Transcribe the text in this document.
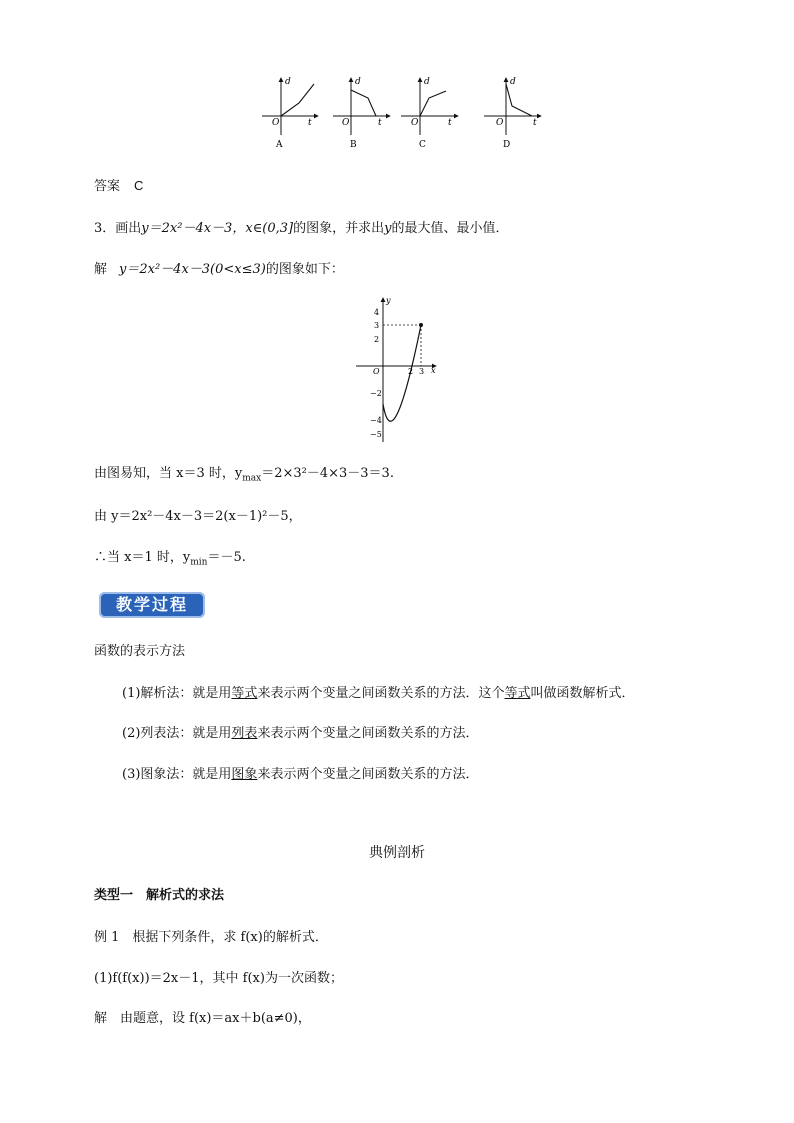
d
t
O
A
d
t
O
B
d
t
O
C
d
t
O
D
答案 C
3．画出y＝2x²－4x－3，x∈(0,3]的图象，并求出y的最大值、最小值．
解 y＝2x²－4x－3(0<x≤3)的图象如下：
y
x
O
4
3
2
−2
−4
−5
2 3
由图易知，当 x＝3 时，$y_{max}=2\times 3^2-4\times 3-3=3$.
由 y＝2x²－4x－3＝2(x－1)²－5，
∴当 x＝1 时，$y_{min}=-5$.
教学过程
函数的表示方法
(1)解析法：就是用等式来表示两个变量之间函数关系的方法．这个等式叫做函数解析式．
(2)列表法：就是用列表来表示两个变量之间函数关系的方法．
(3)图象法：就是用图象来表示两个变量之间函数关系的方法．
典例剖析
类型一　解析式的求法
例 1　根据下列条件，求 f(x)的解析式．
(1)f(f(x))＝2x－1，其中 f(x)为一次函数；
解　由题意，设 f(x)＝ax＋b(a≠0)，
